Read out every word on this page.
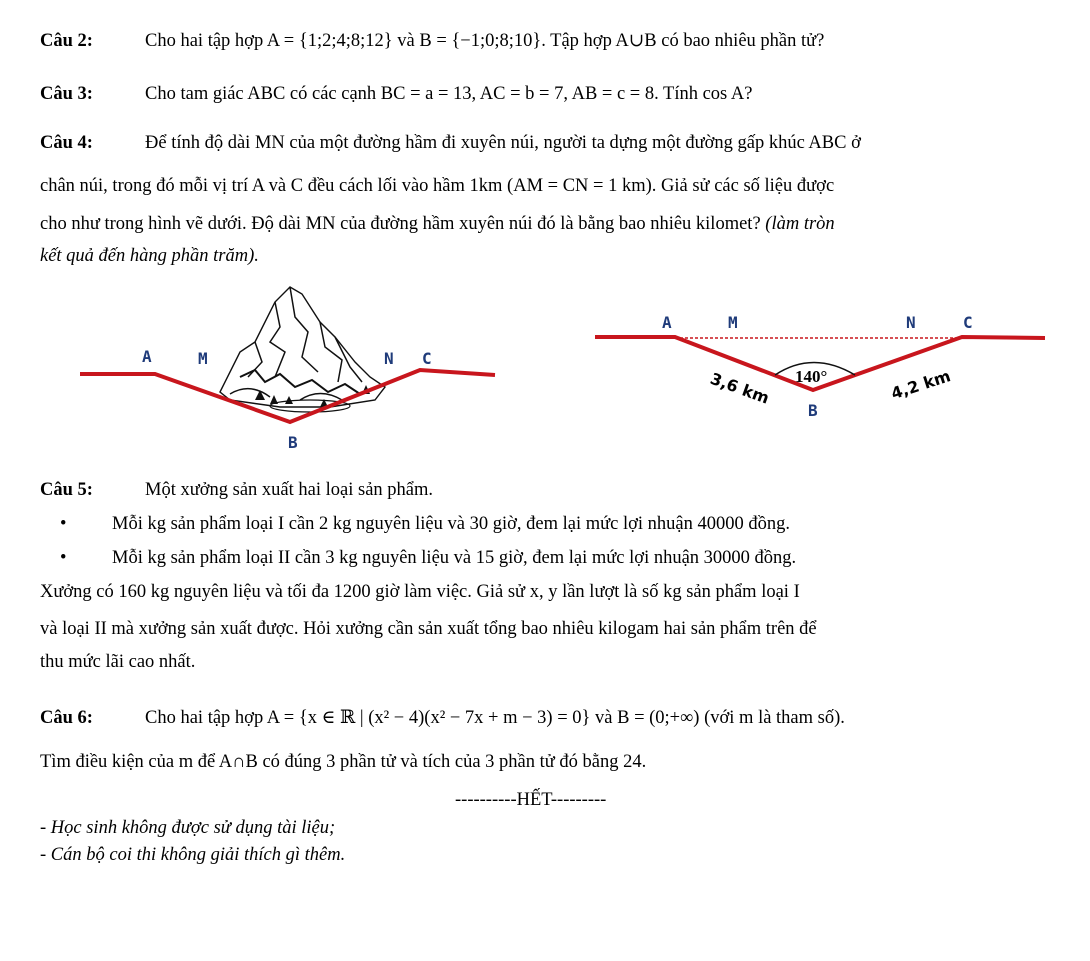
Câu 2:	Cho hai tập hợp A = {1;2;4;8;12} và B = {−1;0;8;10}. Tập hợp A∪B có bao nhiêu phần tử?
Câu 3:	Cho tam giác ABC có các cạnh BC = a = 13, AC = b = 7, AB = c = 8. Tính cos A?
Câu 4:	Để tính độ dài MN của một đường hầm đi xuyên núi, người ta dựng một đường gấp khúc ABC ở
chân núi, trong đó mỗi vị trí A và C đều cách lối vào hầm 1km (AM = CN = 1 km). Giả sử các số liệu được
cho như trong hình vẽ dưới. Độ dài MN của đường hầm xuyên núi đó là bằng bao nhiêu kilomet? (làm tròn
kết quả đến hàng phần trăm).
A	M	N C
B
A	M	N	C
B
140°
3,6 km	4,2 km
Câu 5:	Một xưởng sản xuất hai loại sản phẩm.
•Mỗi kg sản phẩm loại I cần 2 kg nguyên liệu và 30 giờ, đem lại mức lợi nhuận 40000 đồng.
•Mỗi kg sản phẩm loại II cần 3 kg nguyên liệu và 15 giờ, đem lại mức lợi nhuận 30000 đồng.
Xưởng có 160 kg nguyên liệu và tối đa 1200 giờ làm việc. Giả sử x, y lần lượt là số kg sản phẩm loại I
và loại II mà xưởng sản xuất được. Hỏi xưởng cần sản xuất tổng bao nhiêu kilogam hai sản phẩm trên để
thu mức lãi cao nhất.
Câu 6:	Cho hai tập hợp A = {x ∈ ℝ | (x² − 4)(x² − 7x + m − 3) = 0} và B = (0;+∞) (với m là tham số).
Tìm điều kiện của m để A∩B có đúng 3 phần tử và tích của 3 phần tử đó bằng 24.
----------HẾT---------
- Học sinh không được sử dụng tài liệu;
- Cán bộ coi thi không giải thích gì thêm.
